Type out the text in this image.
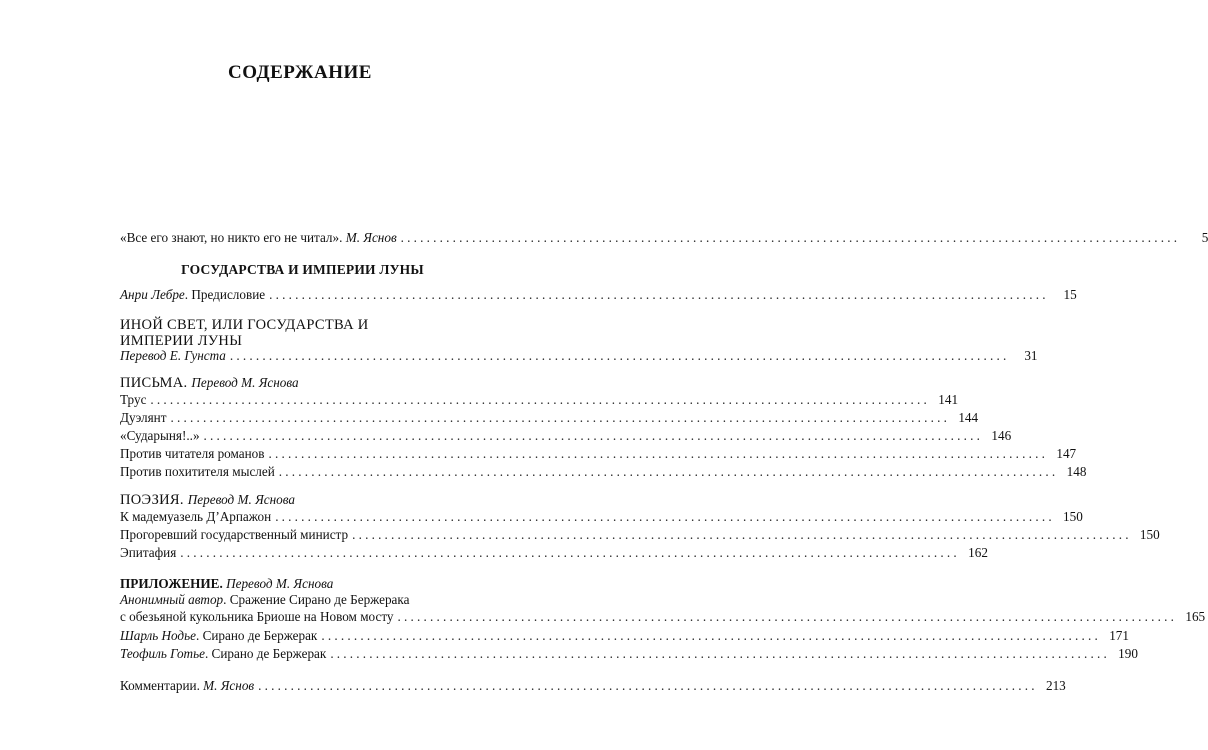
СОДЕРЖАНИЕ
«Все его знают, но никто его не читал». М. Яснов ........................................................................................................................	5
ГОСУДАРСТВА И ИМПЕРИИ ЛУНЫ
Анри Лебре. Предисловие ........................................................................................................................	15
ИНОЙ СВЕТ, ИЛИ ГОСУДАРСТВА И
ИМПЕРИИ ЛУНЫ
Перевод Е. Гунста ........................................................................................................................	31
ПИСЬМА. Перевод М. Яснова
Трус ........................................................................................................................ 141
Дуэлянт ........................................................................................................................ 144
«Сударыня!..» ........................................................................................................................ 146
Против читателя романов ........................................................................................................................ 147
Против похитителя мыслей ........................................................................................................................ 148
ПОЭЗИЯ. Перевод М. Яснова
К мадемуазель Д’Арпажон ........................................................................................................................ 150
Прогоревший государственный министр ........................................................................................................................ 150
Эпитафия ........................................................................................................................ 162
ПРИЛОЖЕНИЕ. Перевод М. Яснова
Анонимный автор. Сражение Сирано де Бержерака
с обезьяной кукольника Бриоше на Новом мосту ........................................................................................................................ 165
Шарль Нодье. Сирано де Бержерак ........................................................................................................................ 171
Теофиль Готье. Сирано де Бержерак ........................................................................................................................ 190
Комментарии. М. Яснов ........................................................................................................................ 213
